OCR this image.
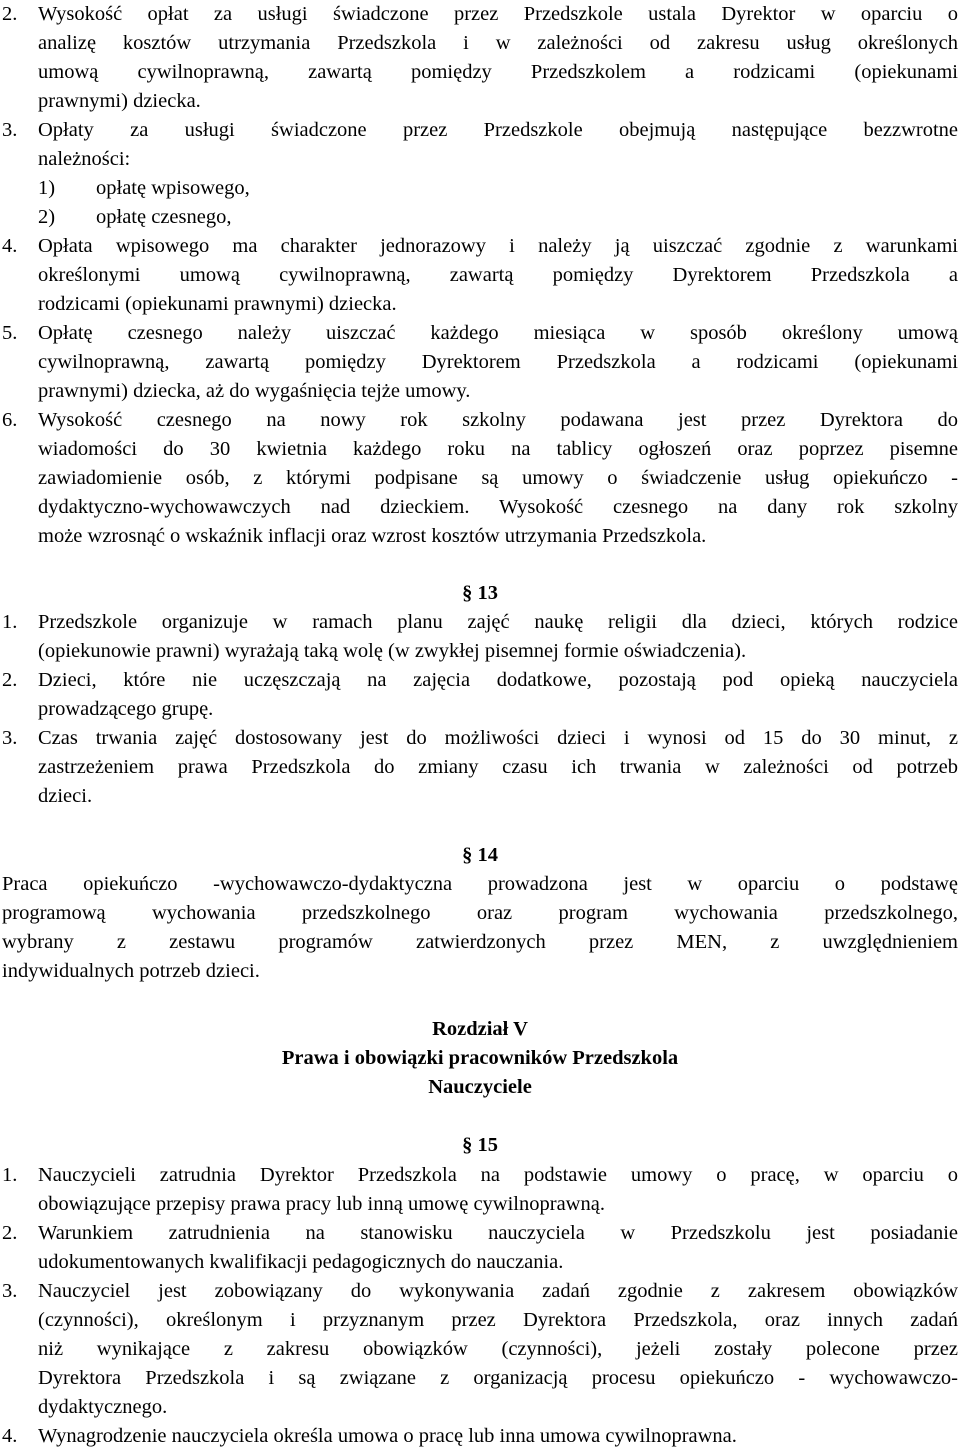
2. Wysokość opłat za usługi świadczone przez Przedszkole ustala Dyrektor w oparciu o
analizę kosztów utrzymania Przedszkola i w zależności od zakresu usług określonych
umową cywilnoprawną, zawartą pomiędzy Przedszkolem a rodzicami (opiekunami
prawnymi) dziecka.
3. Opłaty za usługi świadczone przez Przedszkole obejmują następujące bezzwrotne
należności:
1) opłatę wpisowego,
2) opłatę czesnego,
4. Opłata wpisowego ma charakter jednorazowy i należy ją uiszczać zgodnie z warunkami
określonymi umową cywilnoprawną, zawartą pomiędzy Dyrektorem Przedszkola a
rodzicami (opiekunami prawnymi) dziecka.
5. Opłatę czesnego należy uiszczać każdego miesiąca w sposób określony umową
cywilnoprawną, zawartą pomiędzy Dyrektorem Przedszkola a rodzicami (opiekunami
prawnymi) dziecka, aż do wygaśnięcia tejże umowy.
6. Wysokość czesnego na nowy rok szkolny podawana jest przez Dyrektora do
wiadomości do 30 kwietnia każdego roku na tablicy ogłoszeń oraz poprzez pisemne
zawiadomienie osób, z którymi podpisane są umowy o świadczenie usług opiekuńczo -
dydaktyczno-wychowawczych nad dzieckiem. Wysokość czesnego na dany rok szkolny
może wzrosnąć o wskaźnik inflacji oraz wzrost kosztów utrzymania Przedszkola.
§ 13
1. Przedszkole organizuje w ramach planu zajęć naukę religii dla dzieci, których rodzice
(opiekunowie prawni) wyrażają taką wolę (w zwykłej pisemnej formie oświadczenia).
2. Dzieci, które nie uczęszczają na zajęcia dodatkowe, pozostają pod opieką nauczyciela
prowadzącego grupę.
3. Czas trwania zajęć dostosowany jest do możliwości dzieci i wynosi od 15 do 30 minut, z
zastrzeżeniem prawa Przedszkola do zmiany czasu ich trwania w zależności od potrzeb
dzieci.
§ 14
Praca opiekuńczo -wychowawczo-dydaktyczna prowadzona jest w oparciu o podstawę
programową wychowania przedszkolnego oraz program wychowania przedszkolnego,
wybrany z zestawu programów zatwierdzonych przez MEN, z uwzględnieniem
indywidualnych potrzeb dzieci.
Rozdział V
Prawa i obowiązki pracowników Przedszkola
Nauczyciele
§ 15
1. Nauczycieli zatrudnia Dyrektor Przedszkola na podstawie umowy o pracę, w oparciu o
obowiązujące przepisy prawa pracy lub inną umowę cywilnoprawną.
2. Warunkiem zatrudnienia na stanowisku nauczyciela w Przedszkolu jest posiadanie
udokumentowanych kwalifikacji pedagogicznych do nauczania.
3. Nauczyciel jest zobowiązany do wykonywania zadań zgodnie z zakresem obowiązków
(czynności), określonym i przyznanym przez Dyrektora Przedszkola, oraz innych zadań
niż wynikające z zakresu obowiązków (czynności), jeżeli zostały polecone przez
Dyrektora Przedszkola i są związane z organizacją procesu opiekuńczo - wychowawczo-
dydaktycznego.
4. Wynagrodzenie nauczyciela określa umowa o pracę lub inna umowa cywilnoprawna.
